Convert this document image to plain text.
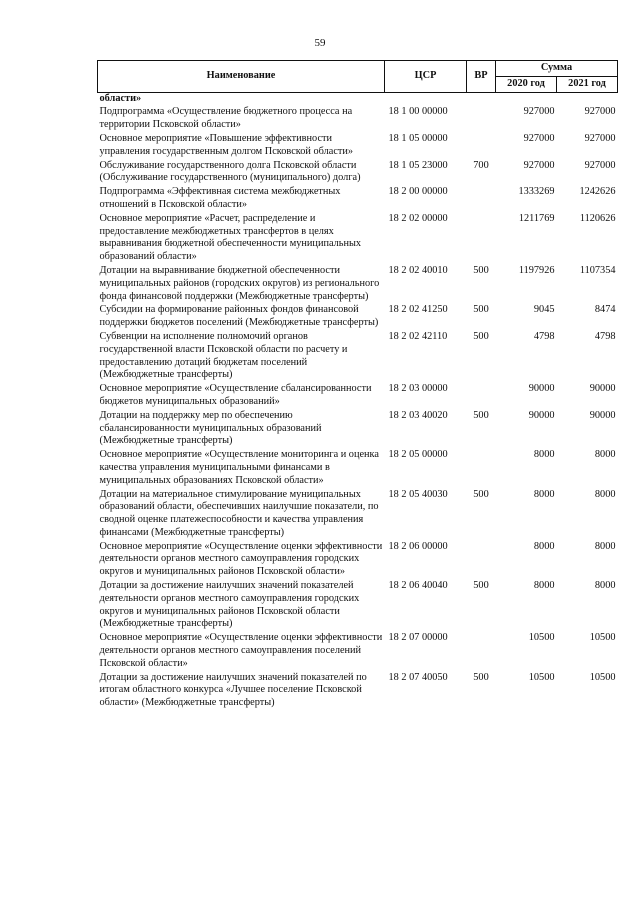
59
Наименование	ЦСР	ВР	Сумма	
			2020 год	2021 год
области»				
Подпрограмма «Осуществление бюджетного процесса на территории Псковской области»	18 1 00 00000		927000	927000
Основное мероприятие «Повышение эффективности управления государственным долгом Псковской области»	18 1 05 00000		927000	927000
Обслуживание государственного долга Псковской области (Обслуживание государственного (муниципального) долга)	18 1 05 23000	700	927000	927000
Подпрограмма «Эффективная система межбюджетных отношений в Псковской области»	18 2 00 00000		1333269	1242626
Основное мероприятие «Расчет, распределение и предоставление межбюджетных трансфертов в целях выравнивания бюджетной обеспеченности муниципальных образований области»	18 2 02 00000		1211769	1120626
Дотации на выравнивание бюджетной обеспеченности муниципальных районов (городских округов) из регионального фонда финансовой поддержки (Межбюджетные трансферты)	18 2 02 40010	500	1197926	1107354
Субсидии на формирование районных фондов финансовой поддержки бюджетов поселений (Межбюджетные трансферты)	18 2 02 41250	500	9045	8474
Субвенции на исполнение полномочий органов государственной власти Псковской области по расчету и предоставлению дотаций бюджетам поселений (Межбюджетные трансферты)	18 2 02 42110	500	4798	4798
Основное мероприятие «Осуществление сбалансированности бюджетов муниципальных образований»	18 2 03 00000		90000	90000
Дотации на поддержку мер по обеспечению сбалансированности муниципальных образований (Межбюджетные трансферты)	18 2 03 40020	500	90000	90000
Основное мероприятие «Осуществление мониторинга и оценка качества управления муниципальными финансами в муниципальных образованиях Псковской области»	18 2 05 00000		8000	8000
Дотации на материальное стимулирование муниципальных образований области, обеспечивших наилучшие показатели, по сводной оценке платежеспособности и качества управления финансами (Межбюджетные трансферты)	18 2 05 40030	500	8000	8000
Основное мероприятие «Осуществление оценки эффективности деятельности органов местного самоуправления городских округов и муниципальных районов Псковской области»	18 2 06 00000		8000	8000
Дотации за достижение наилучших значений показателей деятельности органов местного самоуправления городских округов и муниципальных районов Псковской области (Межбюджетные трансферты)	18 2 06 40040	500	8000	8000
Основное мероприятие «Осуществление оценки эффективности деятельности органов местного самоуправления поселений Псковской области»	18 2 07 00000		10500	10500
Дотации за достижение наилучших значений показателей по итогам областного конкурса «Лучшее поселение Псковской области» (Межбюджетные трансферты)	18 2 07 40050	500	10500	10500
